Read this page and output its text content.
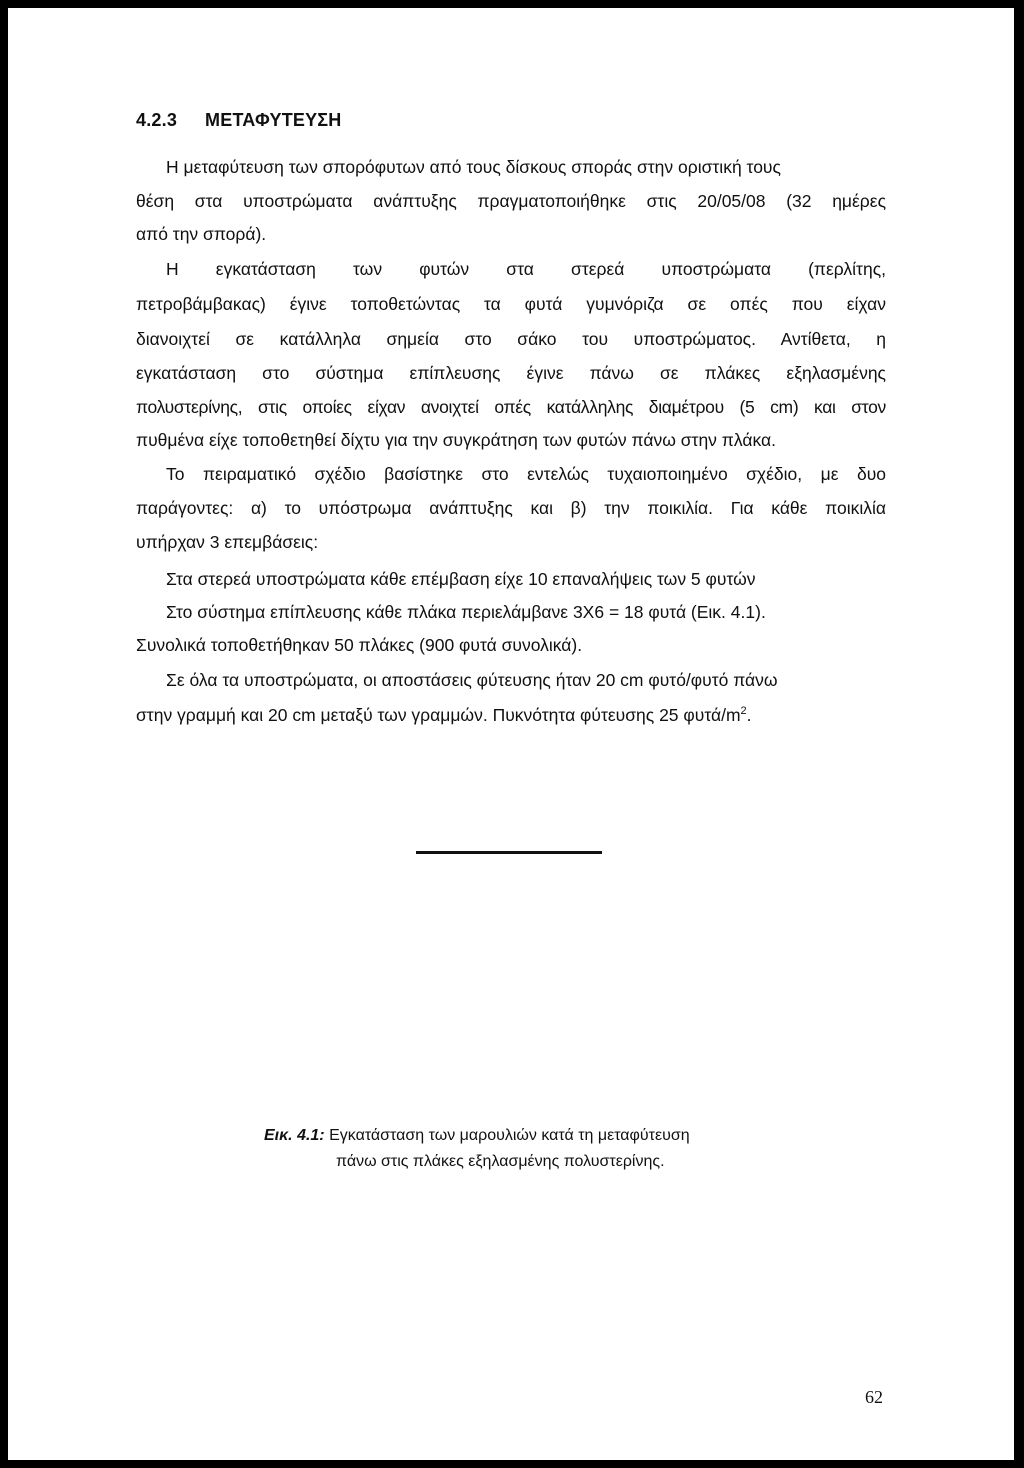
4.2.3 ΜΕΤΑΦΥΤΕΥΣΗ
Η μεταφύτευση των σπορόφυτων από τους δίσκους σποράς στην οριστική τους
θέση στα υποστρώματα ανάπτυξης πραγματοποιήθηκε στις 20/05/08 (32 ημέρες
από την σπορά).
Η εγκατάσταση των φυτών στα στερεά υποστρώματα (περλίτης,
πετροβάμβακας) έγινε τοποθετώντας τα φυτά γυμνόριζα σε οπές που είχαν
διανοιχτεί σε κατάλληλα σημεία στο σάκο του υποστρώματος. Αντίθετα, η
εγκατάσταση στο σύστημα επίπλευσης έγινε πάνω σε πλάκες εξηλασμένης
πολυστερίνης, στις οποίες είχαν ανοιχτεί οπές κατάλληλης διαμέτρου (5 cm) και στον
πυθμένα είχε τοποθετηθεί δίχτυ για την συγκράτηση των φυτών πάνω στην πλάκα.
Το πειραματικό σχέδιο βασίστηκε στο εντελώς τυχαιοποιημένο σχέδιο, με δυο
παράγοντες: α) το υπόστρωμα ανάπτυξης και β) την ποικιλία. Για κάθε ποικιλία
υπήρχαν 3 επεμβάσεις:
Στα στερεά υποστρώματα κάθε επέμβαση είχε 10 επαναλήψεις των 5 φυτών
Στο σύστημα επίπλευσης κάθε πλάκα περιελάμβανε 3Χ6 = 18 φυτά (Εικ. 4.1).
Συνολικά τοποθετήθηκαν 50 πλάκες (900 φυτά συνολικά).
Σε όλα τα υποστρώματα, οι αποστάσεις φύτευσης ήταν 20 cm φυτό/φυτό πάνω
στην γραμμή και 20 cm μεταξύ των γραμμών. Πυκνότητα φύτευσης 25 φυτά/$m^2$.
Εικ. 4.1: Εγκατάσταση των μαρουλιών κατά τη μεταφύτευση
πάνω στις πλάκες εξηλασμένης πολυστερίνης.
62
